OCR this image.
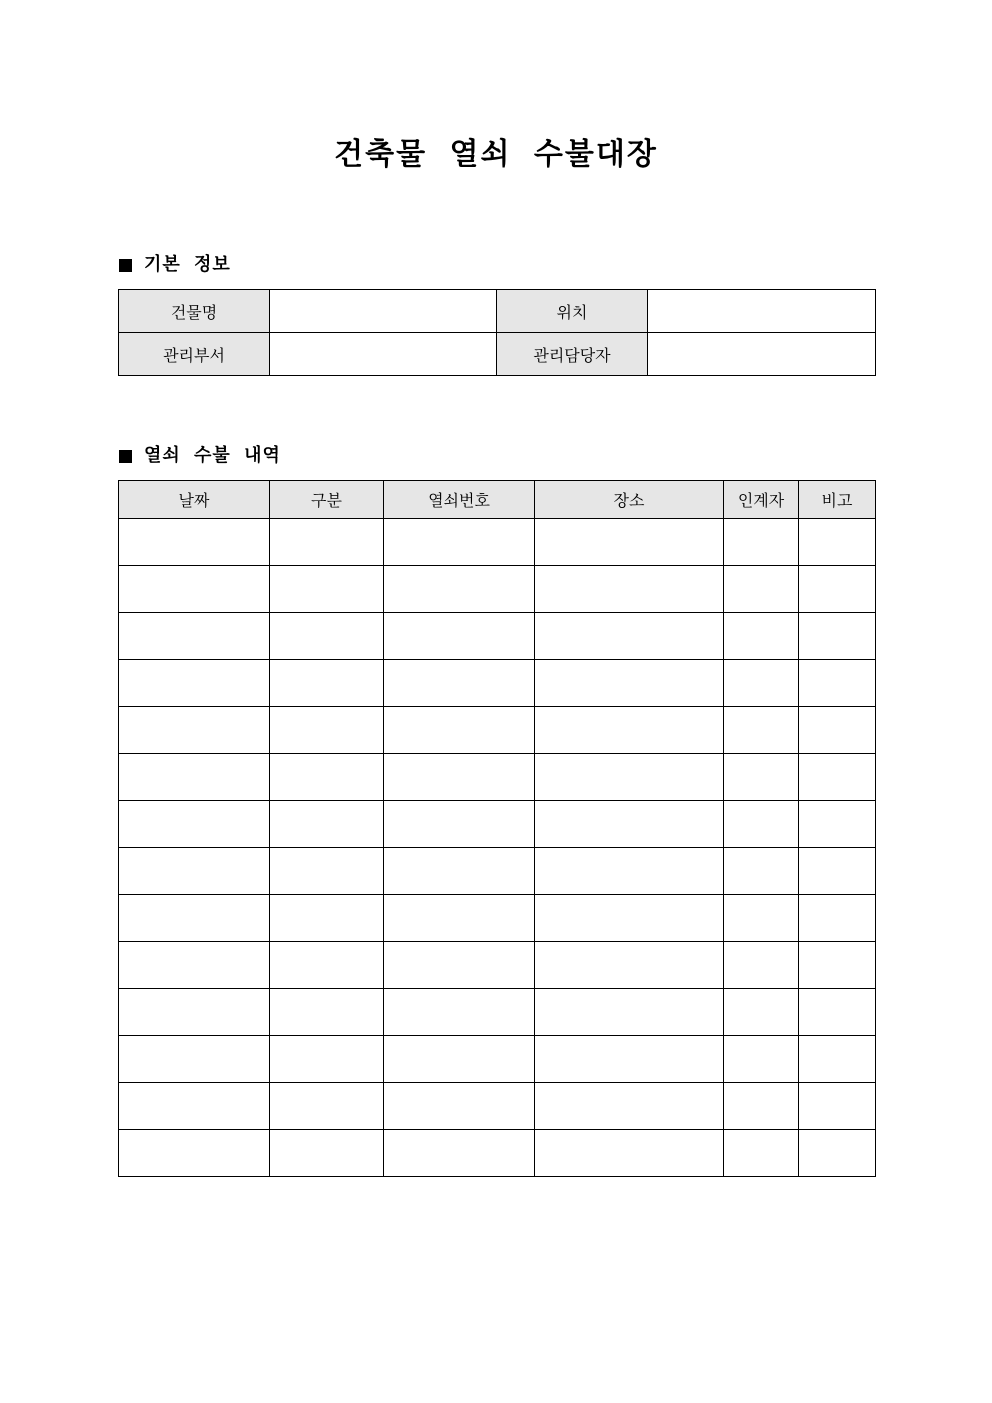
건축물 열쇠 수불대장
기본 정보
건물명		위치	
관리부서		관리담당자	
열쇠 수불 내역
날짜	구분	열쇠번호	장소	인계자	비고
